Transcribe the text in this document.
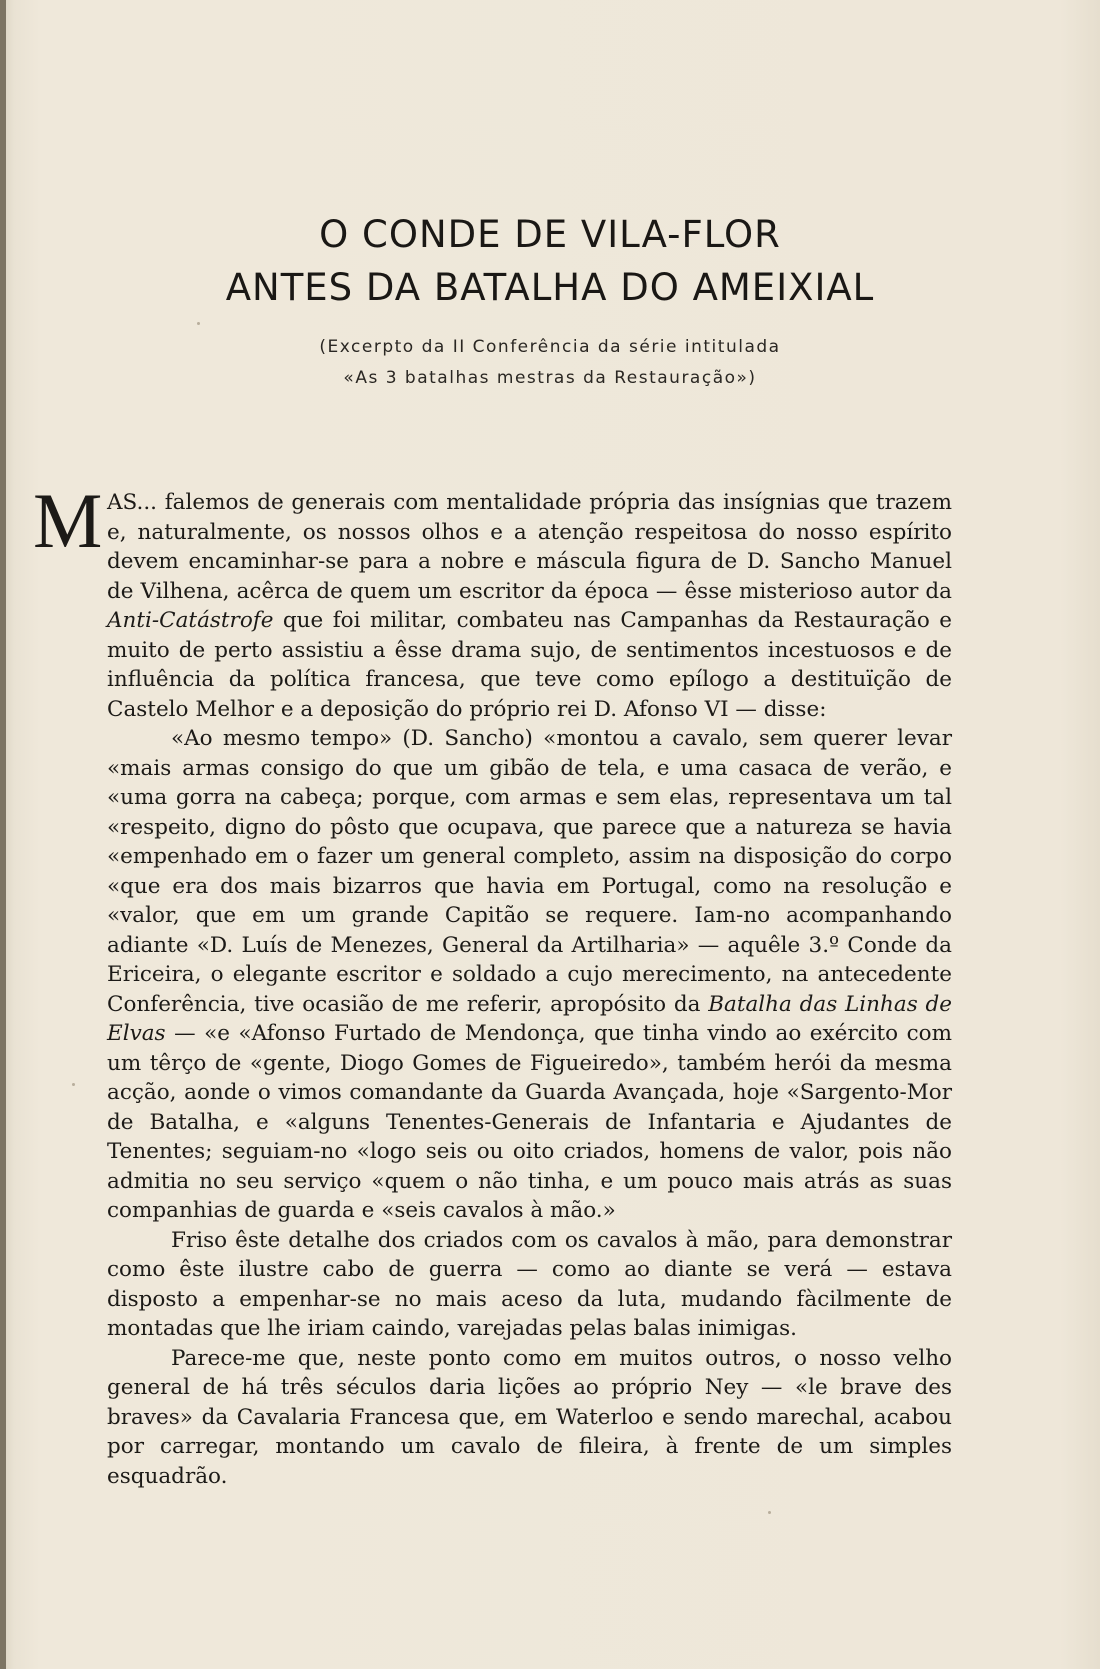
O CONDE DE VILA-FLOR
ANTES DA BATALHA DO AMEIXIAL
(Excerpto da II Conferência da série intitulada
«As 3 batalhas mestras da Restauração»)

MAS... falemos de generais com mentalidade própria das insígnias que trazem e, naturalmente, os nossos olhos e a atenção respeitosa do nosso espírito devem encaminhar-se para a nobre e máscula figura de D. Sancho Manuel de Vilhena, acêrca de quem um escritor da época — êsse misterioso autor da Anti-Catástrofe que foi militar, combateu nas Campanhas da Restauração e muito de perto assistiu a êsse drama sujo, de sentimentos incestuosos e de influência da política francesa, que teve como epílogo a destituïção de Castelo Melhor e a deposição do próprio rei D. Afonso VI — disse:

«Ao mesmo tempo» (D. Sancho) «montou a cavalo, sem querer levar «mais armas consigo do que um gibão de tela, e uma casaca de verão, e «uma gorra na cabeça; porque, com armas e sem elas, representava um tal «respeito, digno do pôsto que ocupava, que parece que a natureza se havia «empenhado em o fazer um general completo, assim na disposição do corpo «que era dos mais bizarros que havia em Portugal, como na resolução e «valor, que em um grande Capitão se requere. Iam-no acompanhando adiante «D. Luís de Menezes, General da Artilharia» — aquêle 3.º Conde da Ericeira, o elegante escritor e soldado a cujo merecimento, na antecedente Conferência, tive ocasião de me referir, apropósito da Batalha das Linhas de Elvas — «e «Afonso Furtado de Mendonça, que tinha vindo ao exército com um têrço de «gente, Diogo Gomes de Figueiredo», também herói da mesma acção, aonde o vimos comandante da Guarda Avançada, hoje «Sargento-Mor de Batalha, e «alguns Tenentes-Generais de Infantaria e Ajudantes de Tenentes; seguiam-no «logo seis ou oito criados, homens de valor, pois não admitia no seu serviço «quem o não tinha, e um pouco mais atrás as suas companhias de guarda e «seis cavalos à mão.»

Friso êste detalhe dos criados com os cavalos à mão, para demonstrar como êste ilustre cabo de guerra — como ao diante se verá — estava disposto a empenhar-se no mais aceso da luta, mudando fàcilmente de montadas que lhe iriam caindo, varejadas pelas balas inimigas.

Parece-me que, neste ponto como em muitos outros, o nosso velho general de há três séculos daria lições ao próprio Ney — «le brave des braves» da Cavalaria Francesa que, em Waterloo e sendo marechal, acabou por carregar, montando um cavalo de fileira, à frente de um simples esquadrão.
